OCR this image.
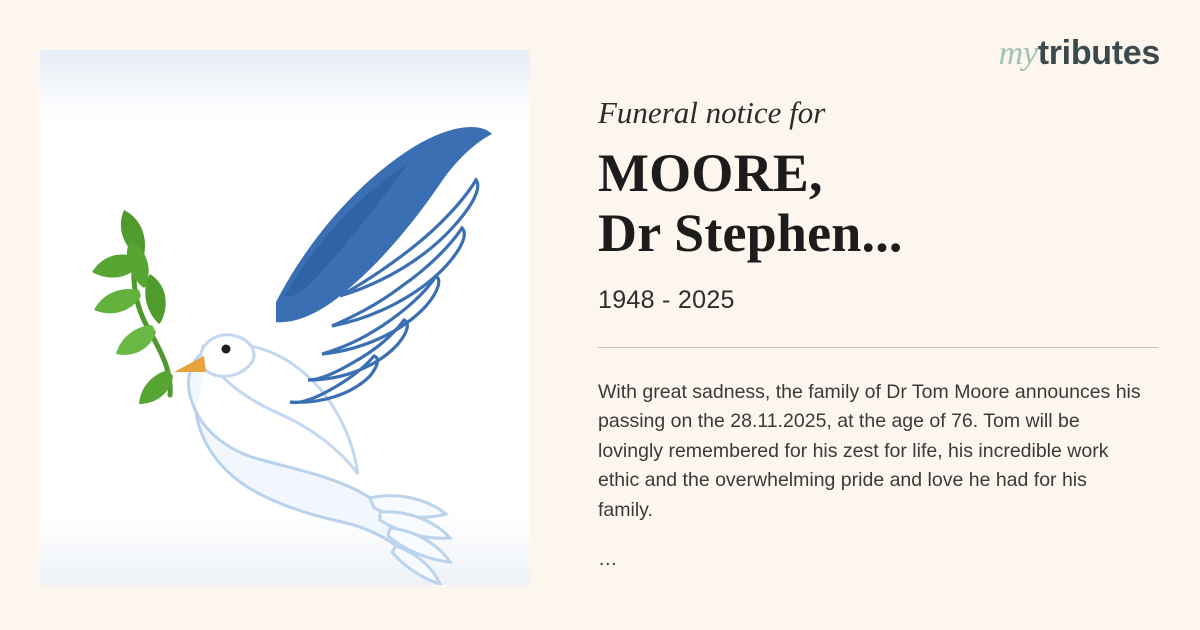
mytributes
Funeral notice for
MOORE,
Dr Stephen...
1948 - 2025

With great sadness, the family of Dr Tom Moore announces his passing on the 28.11.2025, at the age of 76. Tom will be lovingly remembered for his zest for life, his incredible work ethic and the overwhelming pride and love he had for his family.

…
